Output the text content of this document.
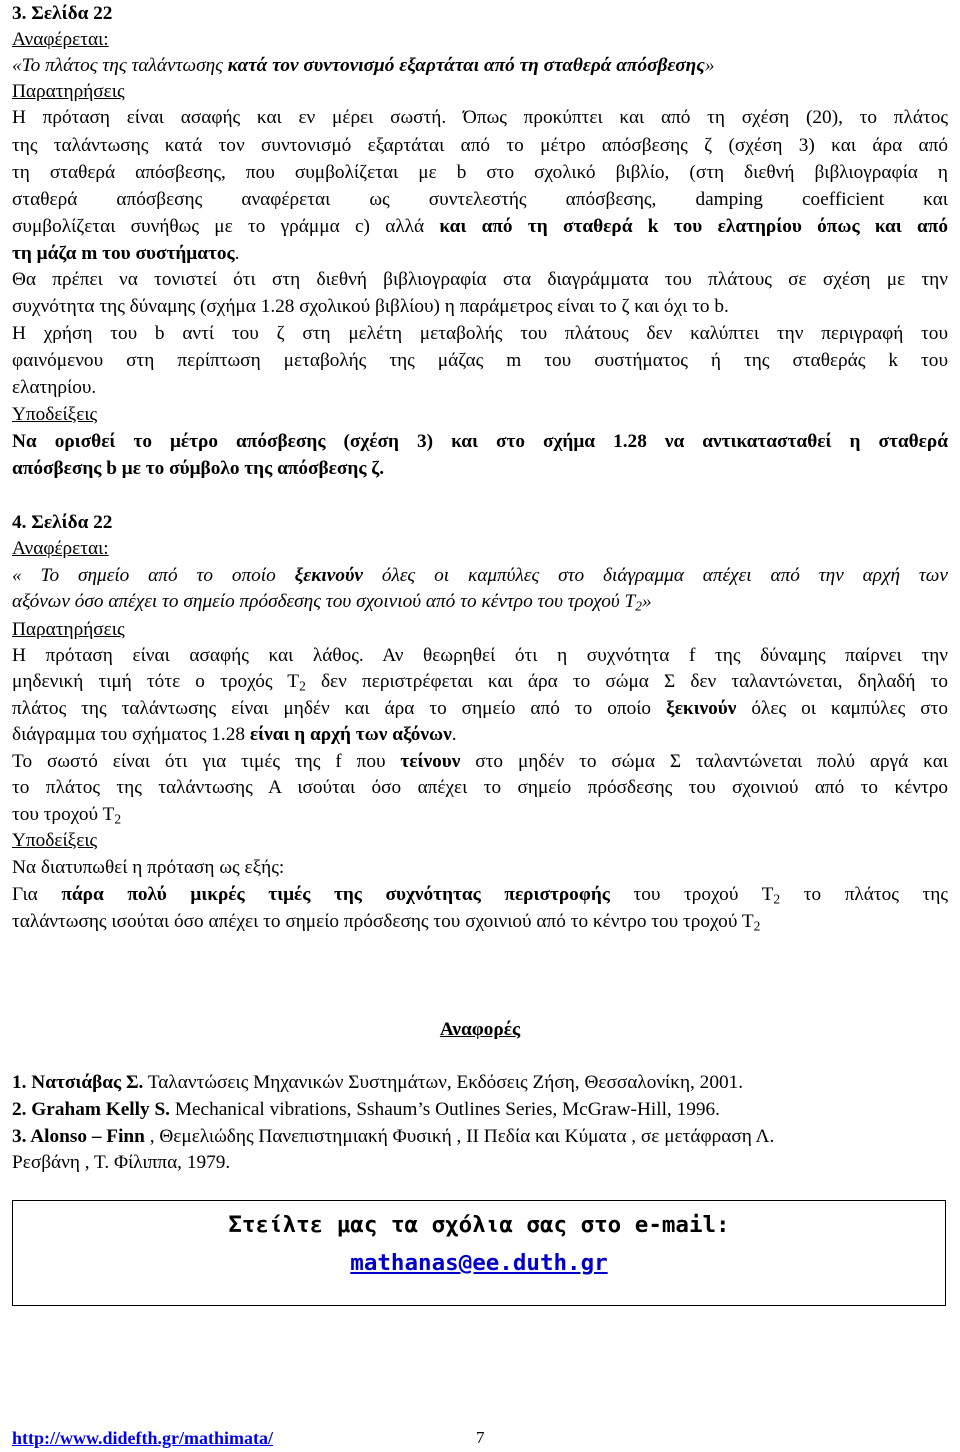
3. Σελίδα 22
Αναφέρεται:
«Το πλάτος της ταλάντωσης κατά τον συντονισμό εξαρτάται από τη σταθερά απόσβεσης»
Παρατηρήσεις
Η πρόταση είναι ασαφής και εν μέρει σωστή. Όπως προκύπτει και από τη σχέση (20), το πλάτος
της ταλάντωσης κατά τον συντονισμό εξαρτάται από το μέτρο απόσβεσης ζ (σχέση 3) και άρα από
τη σταθερά απόσβεσης, που συμβολίζεται με b στο σχολικό βιβλίο, (στη διεθνή βιβλιογραφία η
σταθερά απόσβεσης αναφέρεται ως συντελεστής απόσβεσης, damping coefficient και
συμβολίζεται συνήθως με το γράμμα c) αλλά και από τη σταθερά k του ελατηρίου όπως και από
τη μάζα m του συστήματος.
Θα πρέπει να τονιστεί ότι στη διεθνή βιβλιογραφία στα διαγράμματα του πλάτους σε σχέση με την
συχνότητα της δύναμης (σχήμα 1.28 σχολικού βιβλίου) η παράμετρος είναι το ζ και όχι το b.
Η χρήση του b αντί του ζ στη μελέτη μεταβολής του πλάτους δεν καλύπτει την περιγραφή του
φαινόμενου στη περίπτωση μεταβολής της μάζας m του συστήματος ή της σταθεράς k του
ελατηρίου.
Υποδείξεις
Να ορισθεί το μέτρο απόσβεσης (σχέση 3) και στο σχήμα 1.28 να αντικατασταθεί η σταθερά
απόσβεσης b με το σύμβολο της απόσβεσης ζ.
4. Σελίδα 22
Αναφέρεται:
« Το σημείο από το οποίο ξεκινούν όλες οι καμπύλες στο διάγραμμα απέχει από την αρχή των
αξόνων όσο απέχει το σημείο πρόσδεσης του σχοινιού από το κέντρο του τροχού $T_2$»
Παρατηρήσεις
Η πρόταση είναι ασαφής και λάθος. Αν θεωρηθεί ότι η συχνότητα f της δύναμης παίρνει την
μηδενική τιμή τότε ο τροχός $T_2$ δεν περιστρέφεται και άρα το σώμα Σ δεν ταλαντώνεται, δηλαδή το
πλάτος της ταλάντωσης είναι μηδέν και άρα το σημείο από το οποίο ξεκινούν όλες οι καμπύλες στο
διάγραμμα του σχήματος 1.28 είναι η αρχή των αξόνων.
Το σωστό είναι ότι για τιμές της f που τείνουν στο μηδέν το σώμα Σ ταλαντώνεται πολύ αργά και
το πλάτος της ταλάντωσης Α ισούται όσο απέχει το σημείο πρόσδεσης του σχοινιού από το κέντρο
του τροχού $T_2$
Υποδείξεις
Να διατυπωθεί η πρόταση ως εξής:
Για πάρα πολύ μικρές τιμές της συχνότητας περιστροφής του τροχού $T_2$ το πλάτος της
ταλάντωσης ισούται όσο απέχει το σημείο πρόσδεσης του σχοινιού από το κέντρο του τροχού $T_2$
Αναφορές
1. Νατσιάβας Σ. Ταλαντώσεις Μηχανικών Συστημάτων, Εκδόσεις Ζήση, Θεσσαλονίκη, 2001.
2. Graham Kelly S. Mechanical vibrations, Sshaum’s Outlines Series, McGraw-Hill, 1996.
3. Alonso – Finn , Θεμελιώδης Πανεπιστημιακή Φυσική , ΙΙ Πεδία και Κύματα , σε μετάφραση Λ.
Ρεσβάνη , Τ. Φίλιππα, 1979.
Στείλτε μας τα σχόλια σας στο e-mail:
mathanas@ee.duth.gr
http://www.didefth.gr/mathimata/	7
